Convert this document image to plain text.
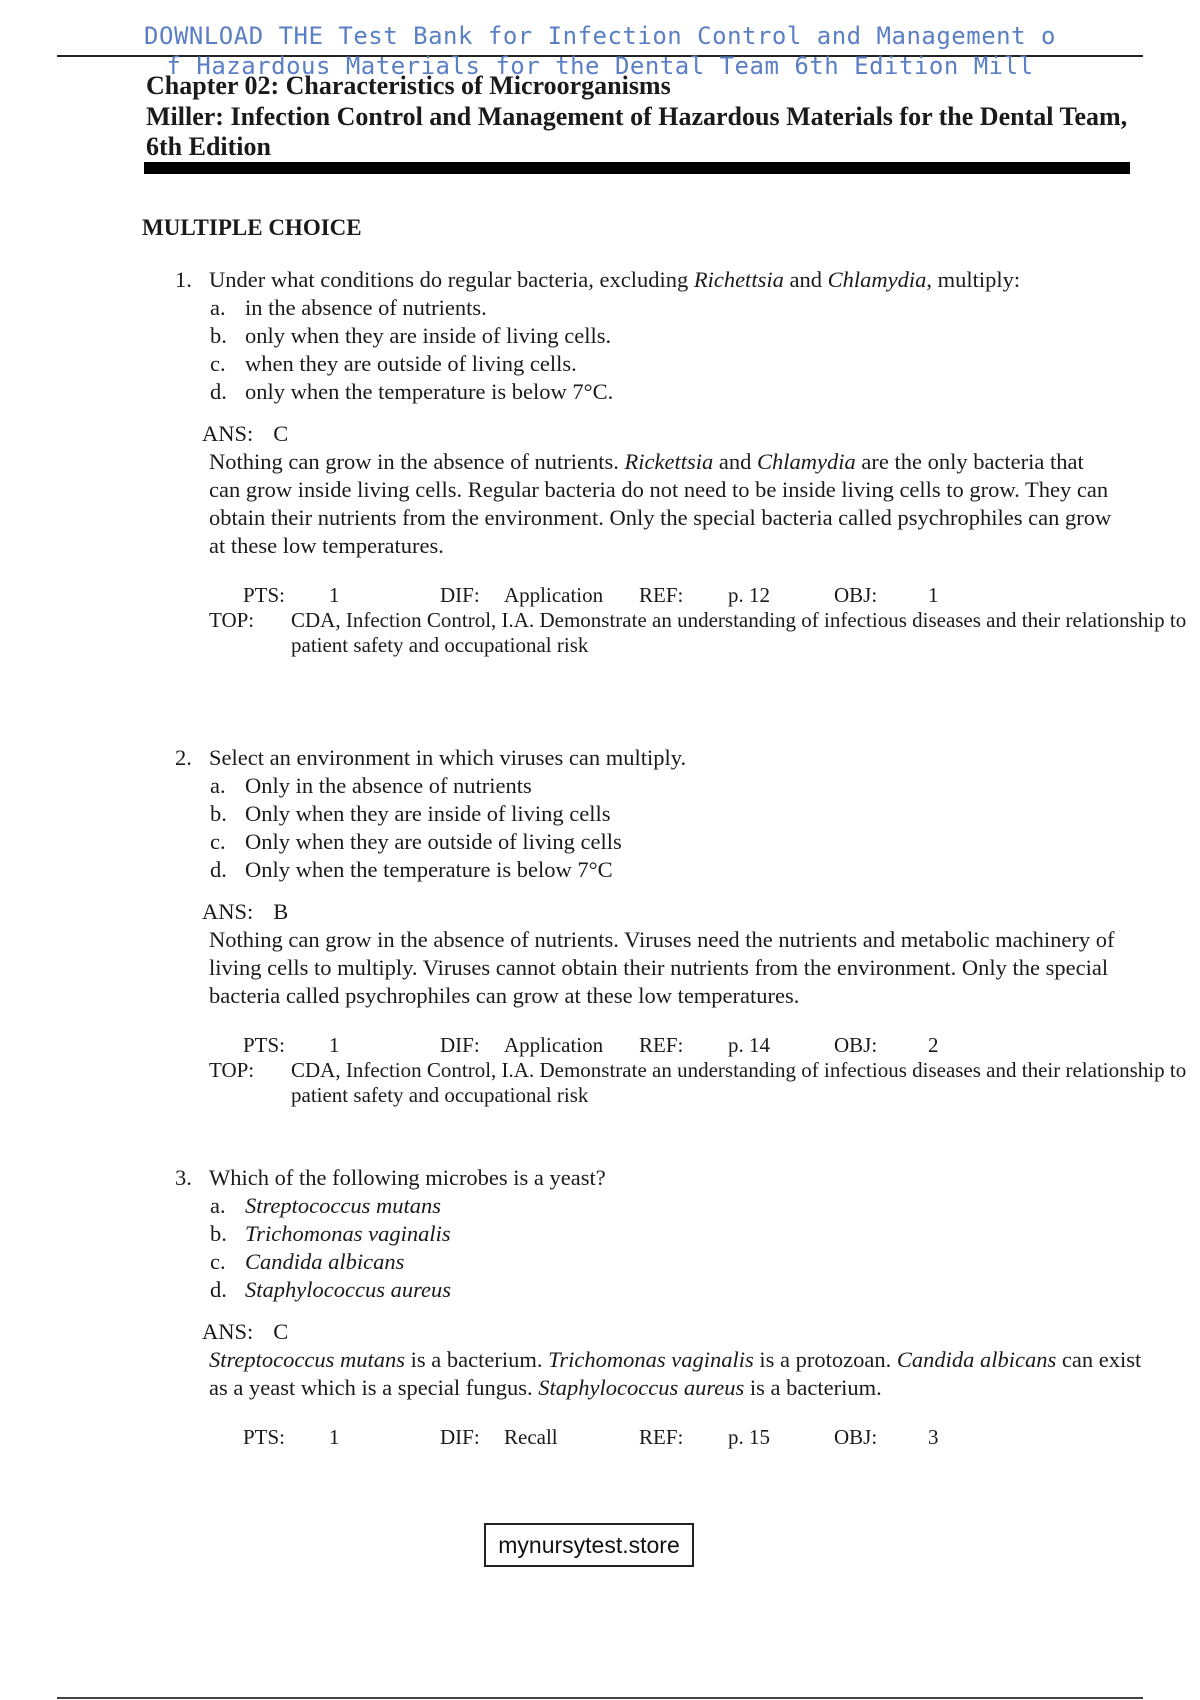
DOWNLOAD THE Test Bank for Infection Control and Management o
f Hazardous Materials for the Dental Team 6th Edition Mill
Chapter 02: Characteristics of Microorganisms
Miller: Infection Control and Management of Hazardous Materials for the Dental Team, 6th Edition
MULTIPLE CHOICE
1. Under what conditions do regular bacteria, excluding Richettsia and Chlamydia, multiply:
a. in the absence of nutrients.
b. only when they are inside of living cells.
c. when they are outside of living cells.
d. only when the temperature is below 7°C.
ANS: C
Nothing can grow in the absence of nutrients. Rickettsia and Chlamydia are the only bacteria that can grow inside living cells. Regular bacteria do not need to be inside living cells to grow. They can obtain their nutrients from the environment. Only the special bacteria called psychrophiles can grow at these low temperatures.
PTS: 1	DIF: Application REF: p. 12	OBJ: 1
TOP: CDA, Infection Control, I.A. Demonstrate an understanding of infectious diseases and their relationship to patient safety and occupational risk
2. Select an environment in which viruses can multiply.
a. Only in the absence of nutrients
b. Only when they are inside of living cells
c. Only when they are outside of living cells
d. Only when the temperature is below 7°C
ANS: B
Nothing can grow in the absence of nutrients. Viruses need the nutrients and metabolic machinery of living cells to multiply. Viruses cannot obtain their nutrients from the environment. Only the special bacteria called psychrophiles can grow at these low temperatures.
PTS: 1	DIF: Application REF: p. 14	OBJ: 2
TOP: CDA, Infection Control, I.A. Demonstrate an understanding of infectious diseases and their relationship to patient safety and occupational risk
3. Which of the following microbes is a yeast?
a. Streptococcus mutans
b. Trichomonas vaginalis
c. Candida albicans
d. Staphylococcus aureus
ANS: C
Streptococcus mutans is a bacterium. Trichomonas vaginalis is a protozoan. Candida albicans can exist as a yeast which is a special fungus. Staphylococcus aureus is a bacterium.
PTS: 1	DIF: Recall	REF: p. 15	OBJ: 3
mynursytest.store
